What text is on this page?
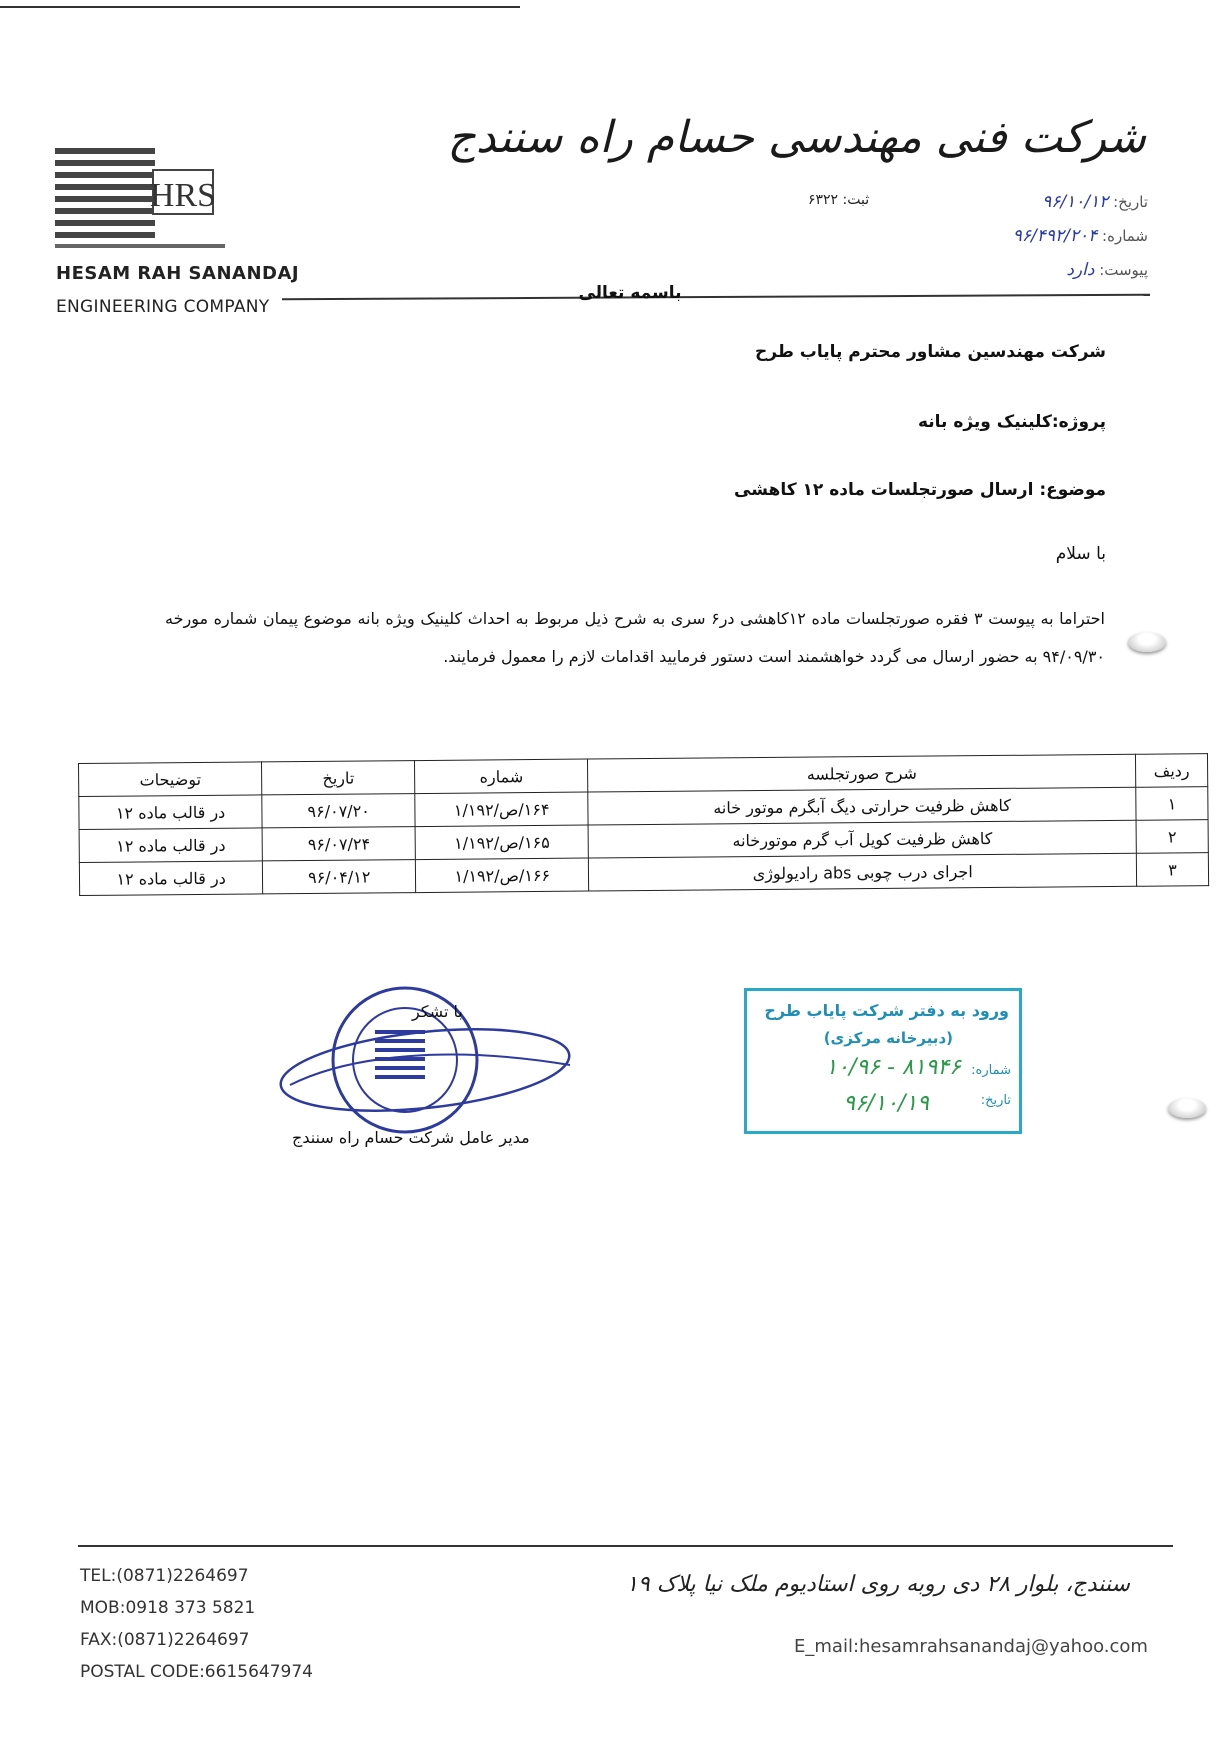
HRS
HESAM RAH SANANDAJ
ENGINEERING COMPANY
شرکت فنی مهندسی حسام راه سنندج
ثبت: ۶۳۲۲	تاریخ: ۹۶/۱۰/۱۲
شماره: ۹۶/۴۹۲/۲۰۴
پیوست: دارد
باسمه تعالی
شرکت مهندسین مشاور محترم پایاب طرح
پروژه:کلینیک ویژه بانه
موضوع: ارسال صورتجلسات ماده ۱۲ کاهشی
با سلام
احتراما به پیوست ۳ فقره صورتجلسات ماده ۱۲کاهشی در۶ سری به شرح ذیل مربوط به احداث کلینیک ویژه بانه موضوع پیمان شماره مورخه ۹۴/۰۹/۳۰ به حضور ارسال می گردد خواهشمند است دستور فرمایید اقدامات لازم را معمول فرمایند.
ردیف	شرح صورتجلسه	شماره	تاریخ	توضیحات
۱	کاهش ظرفیت حرارتی دیگ آبگرم موتور خانه	۱۶۴/ص/۱/۱۹۲	۹۶/۰۷/۲۰	در قالب ماده ۱۲
۲	کاهش ظرفیت کویل آب گرم موتورخانه	۱۶۵/ص/۱/۱۹۲	۹۶/۰۷/۲۴	در قالب ماده ۱۲
۳	اجرای درب چوبی abs رادیولوژی	۱۶۶/ص/۱/۱۹۲	۹۶/۰۴/۱۲	در قالب ماده ۱۲
با تشکر
مدیر عامل شرکت حسام راه سنندج
ورود به دفتر شرکت پایاب طرح
(دبیرخانه مرکزی)
شماره:
۱۰/۹۶ - ۸۱۹۴۶
تاریخ:
۹۶/۱۰/۱۹
TEL:(0871)2264697
MOB:0918 373 5821
FAX:(0871)2264697
POSTAL CODE:6615647974
سنندج، بلوار ۲۸ دی روبه روی استادیوم ملک نیا پلاک ۱۹
E_mail:hesamrahsanandaj@yahoo.com
